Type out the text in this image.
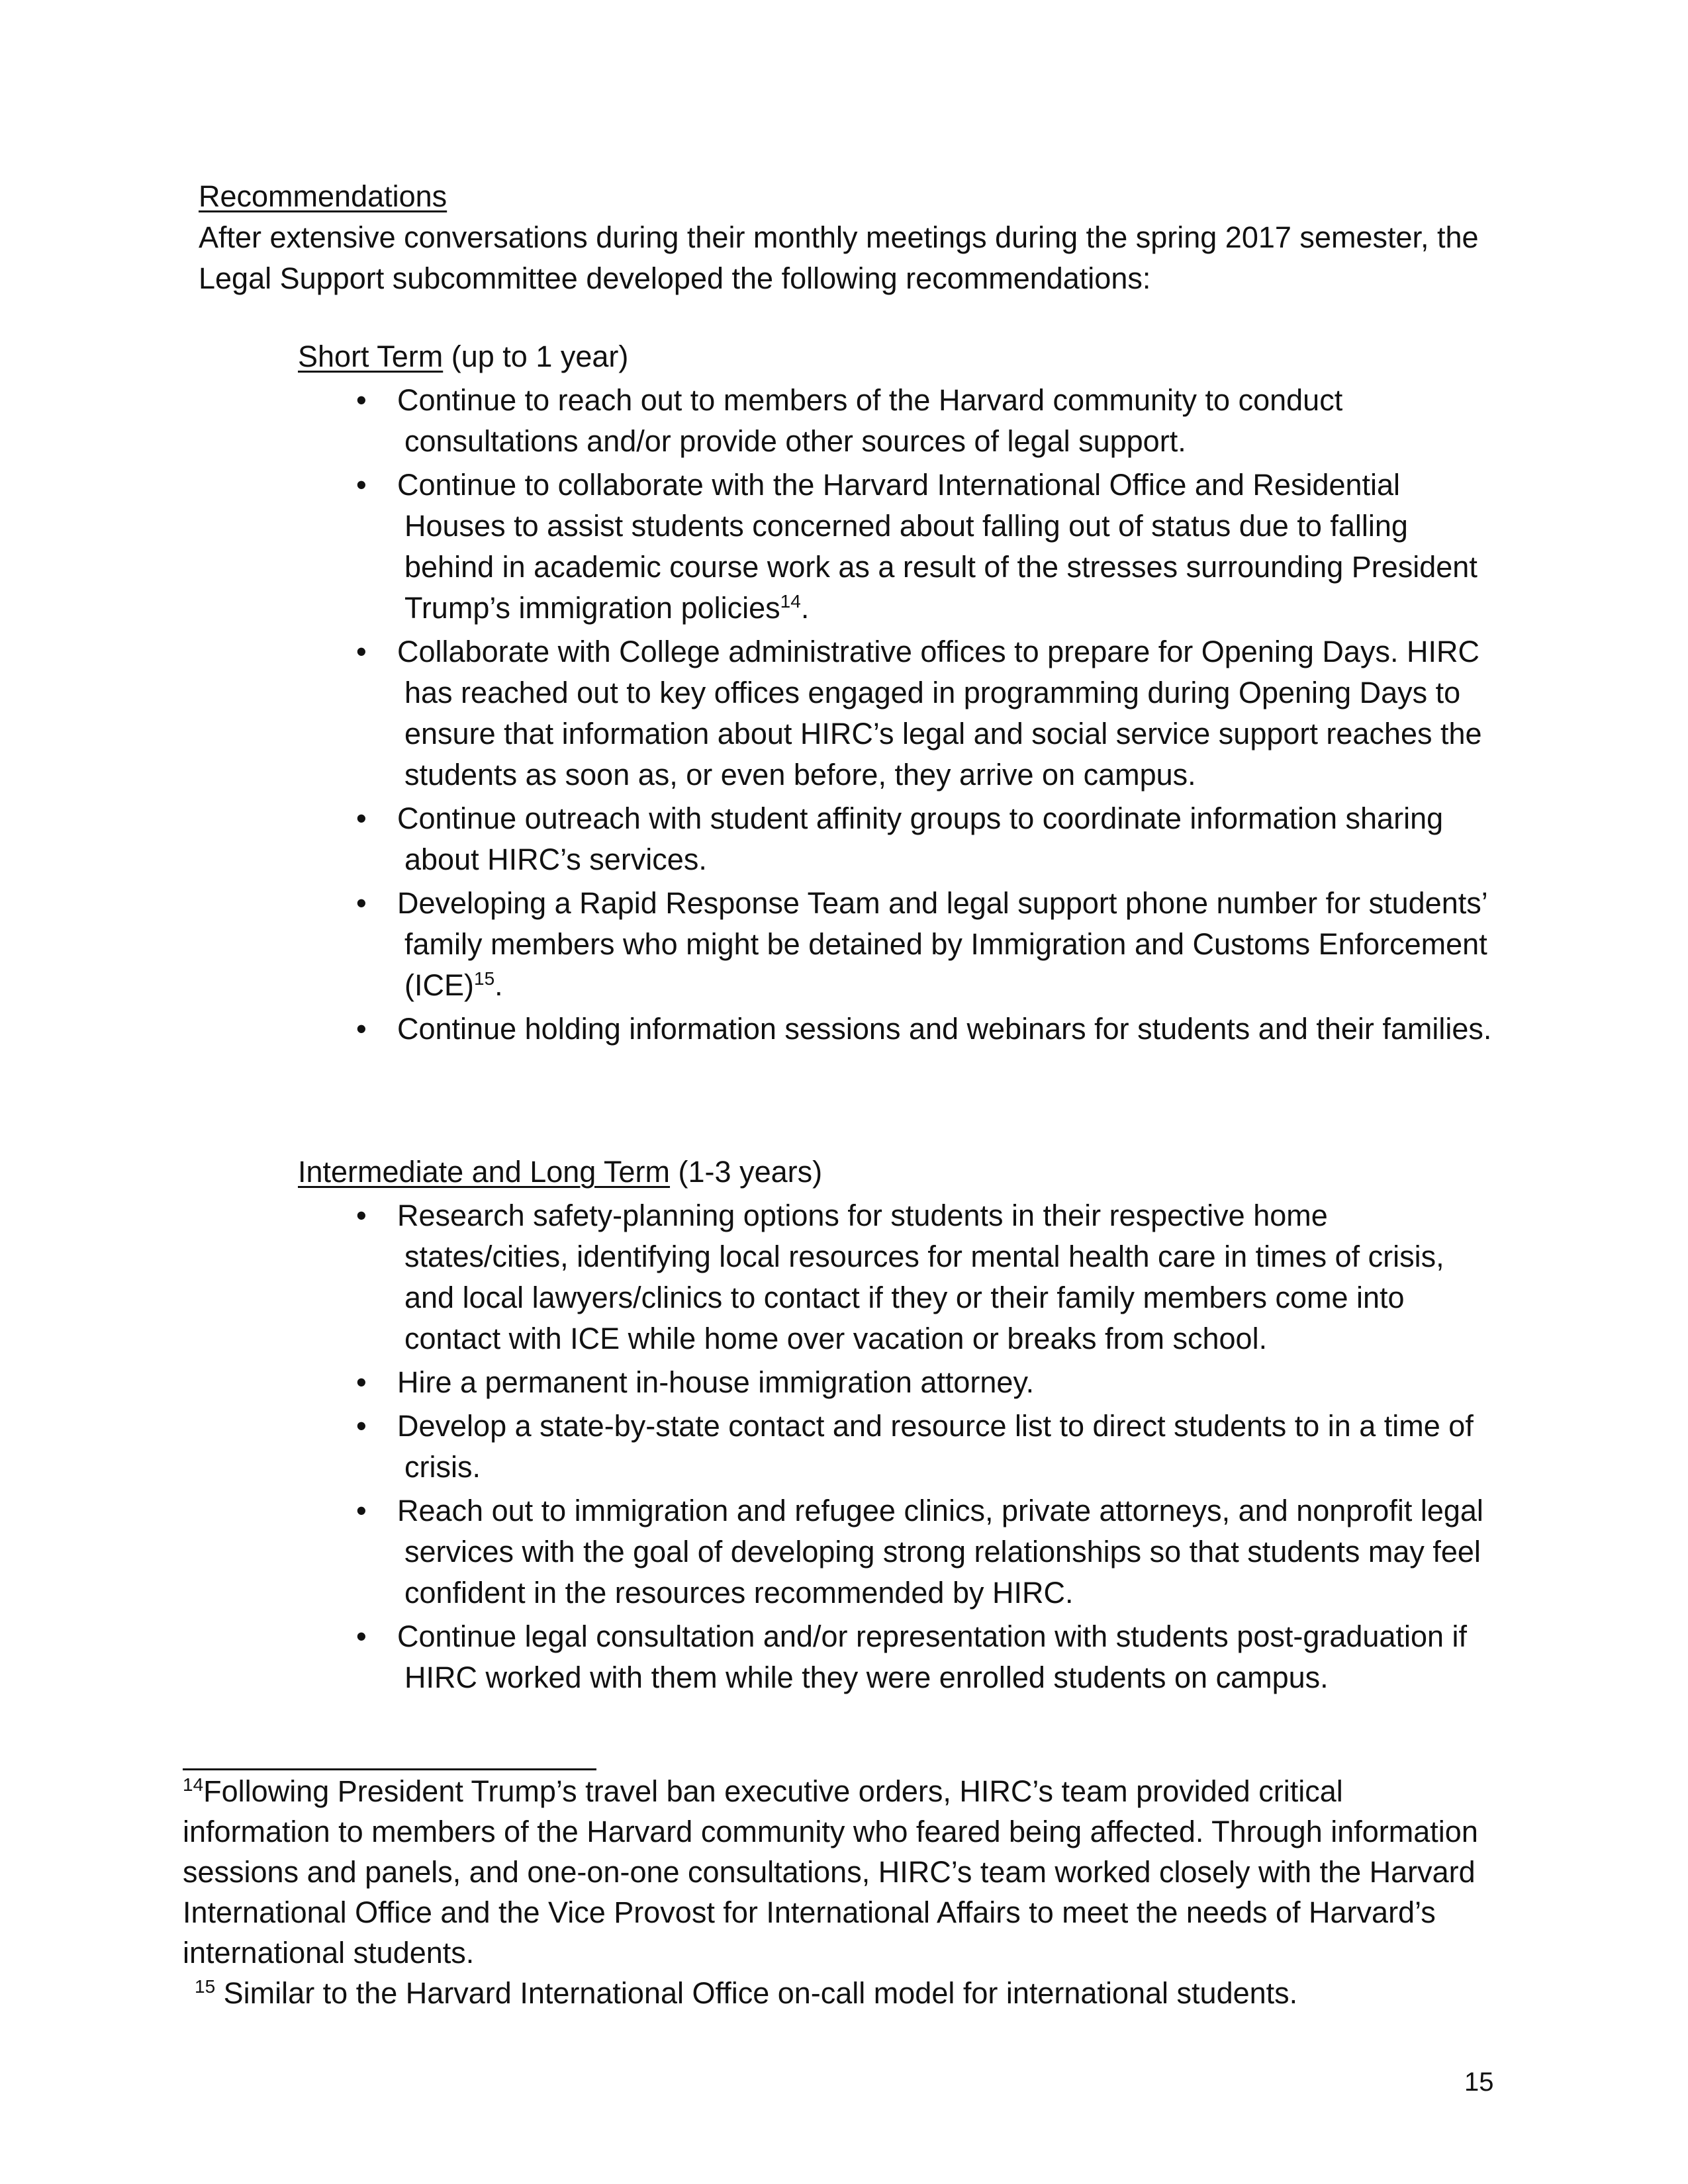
Recommendations
After extensive conversations during their monthly meetings during the spring 2017 semester, the Legal Support subcommittee developed the following recommendations:

Short Term (up to 1 year)

• Continue to reach out to members of the Harvard community to conduct consultations and/or provide other sources of legal support.
• Continue to collaborate with the Harvard International Office and Residential Houses to assist students concerned about falling out of status due to falling behind in academic course work as a result of the stresses surrounding President Trump’s immigration policies$^{14}$.
• Collaborate with College administrative offices to prepare for Opening Days. HIRC has reached out to key offices engaged in programming during Opening Days to ensure that information about HIRC’s legal and social service support reaches the students as soon as, or even before, they arrive on campus.
• Continue outreach with student affinity groups to coordinate information sharing about HIRC’s services.
• Developing a Rapid Response Team and legal support phone number for students’ family members who might be detained by Immigration and Customs Enforcement (ICE)$^{15}$.
• Continue holding information sessions and webinars for students and their families.

Intermediate and Long Term (1-3 years)

• Research safety-planning options for students in their respective home states/cities, identifying local resources for mental health care in times of crisis, and local lawyers/clinics to contact if they or their family members come into contact with ICE while home over vacation or breaks from school.
• Hire a permanent in-house immigration attorney.
• Develop a state-by-state contact and resource list to direct students to in a time of crisis.
• Reach out to immigration and refugee clinics, private attorneys, and nonprofit legal services with the goal of developing strong relationships so that students may feel confident in the resources recommended by HIRC.
• Continue legal consultation and/or representation with students post-graduation if HIRC worked with them while they were enrolled students on campus.

$^{14}$Following President Trump’s travel ban executive orders, HIRC’s team provided critical information to members of the Harvard community who feared being affected. Through information sessions and panels, and one-on-one consultations, HIRC’s team worked closely with the Harvard International Office and the Vice Provost for International Affairs to meet the needs of Harvard’s international students.

$^{15}$ Similar to the Harvard International Office on-call model for international students.

15
